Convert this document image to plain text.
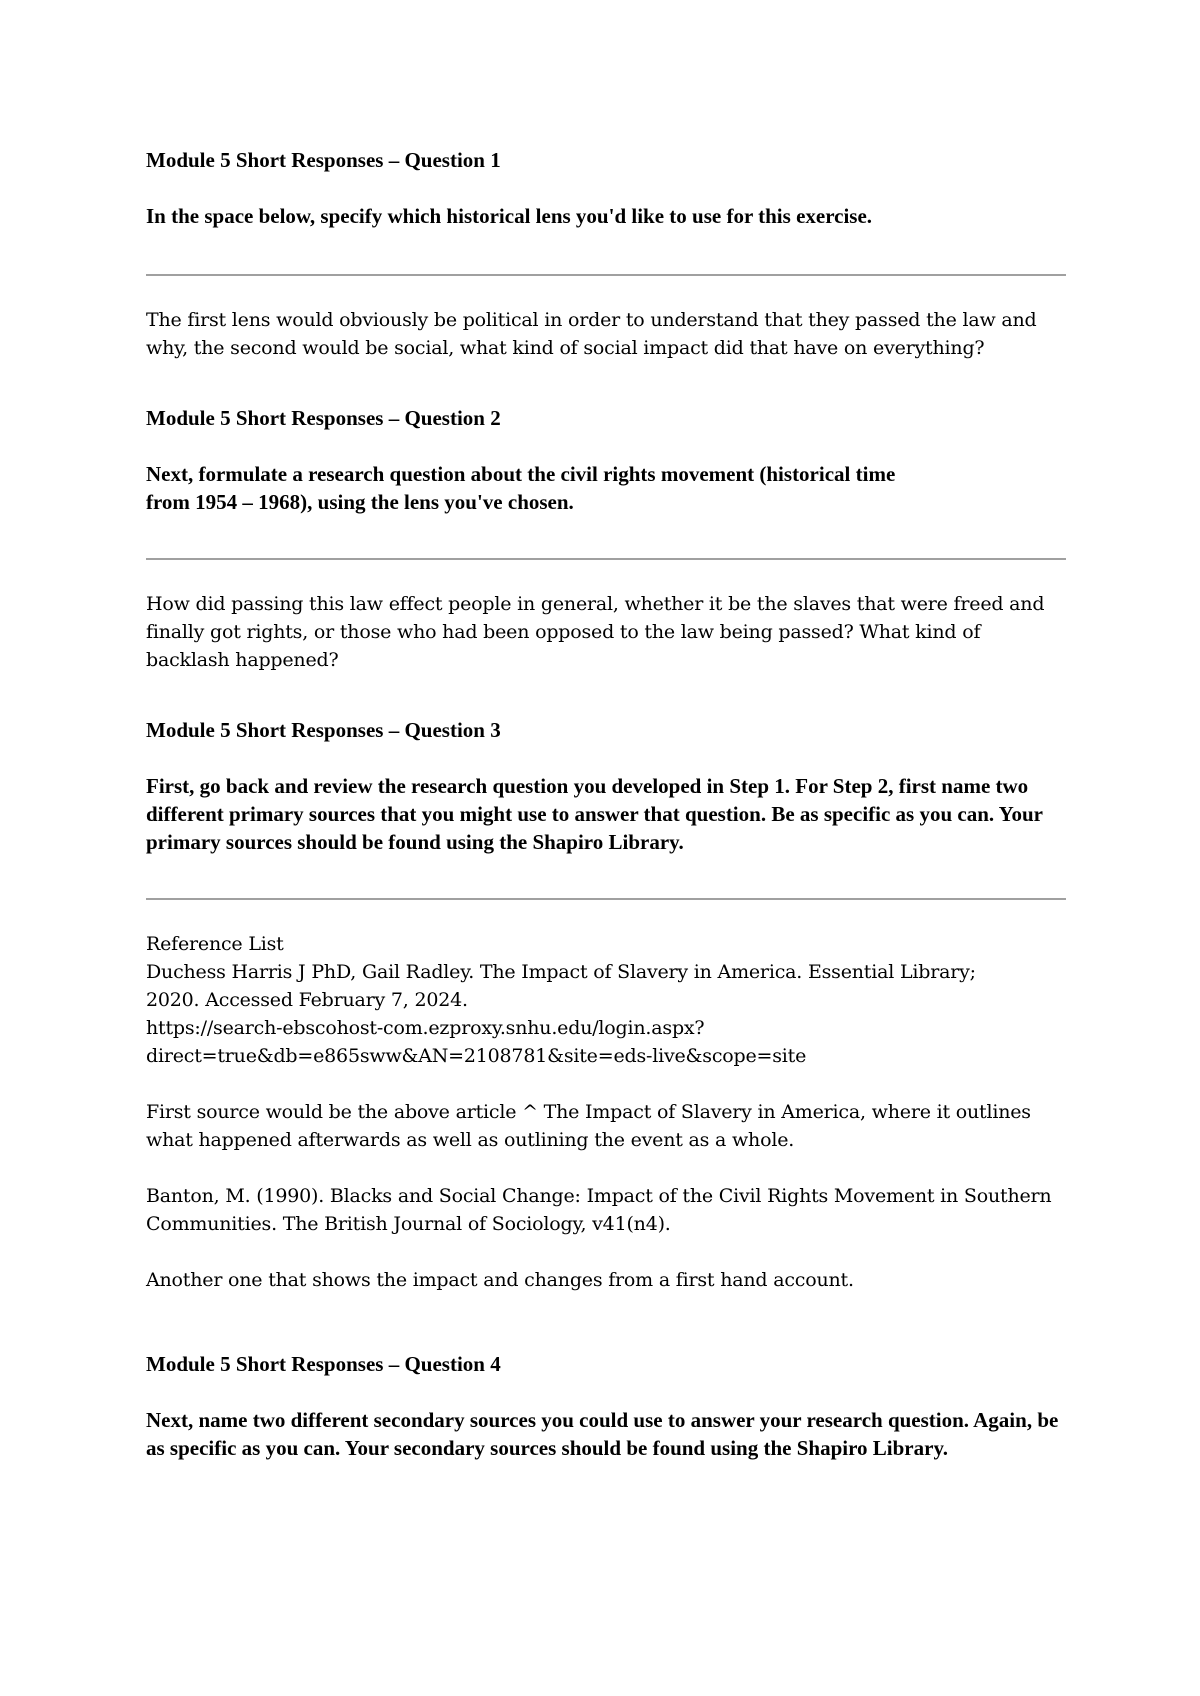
Module 5 Short Responses – Question 1

In the space below, specify which historical lens you'd like to use for this exercise.

The first lens would obviously be political in order to understand that they passed the law and why, the second would be social, what kind of social impact did that have on everything?

Module 5 Short Responses – Question 2

Next, formulate a research question about the civil rights movement (historical time
from 1954 – 1968), using the lens you've chosen.

How did passing this law effect people in general, whether it be the slaves that were freed and finally got rights, or those who had been opposed to the law being passed? What kind of backlash happened?

Module 5 Short Responses – Question 3

First, go back and review the research question you developed in Step 1. For Step 2, first name two different primary sources that you might use to answer that question. Be as specific as you can. Your primary sources should be found using the Shapiro Library.

Reference List
Duchess Harris J PhD, Gail Radley. The Impact of Slavery in America. Essential Library;
2020. Accessed February 7, 2024.
https://search-ebscohost-com.ezproxy.snhu.edu/login.aspx?
direct=true&db=e865sww&AN=2108781&site=eds-live&scope=site

First source would be the above article ^ The Impact of Slavery in America, where it outlines what happened afterwards as well as outlining the event as a whole.

Banton, M. (1990). Blacks and Social Change: Impact of the Civil Rights Movement in Southern Communities. The British Journal of Sociology, v41(n4).

Another one that shows the impact and changes from a first hand account.

Module 5 Short Responses – Question 4

Next, name two different secondary sources you could use to answer your research question. Again, be as specific as you can. Your secondary sources should be found using the Shapiro Library.
